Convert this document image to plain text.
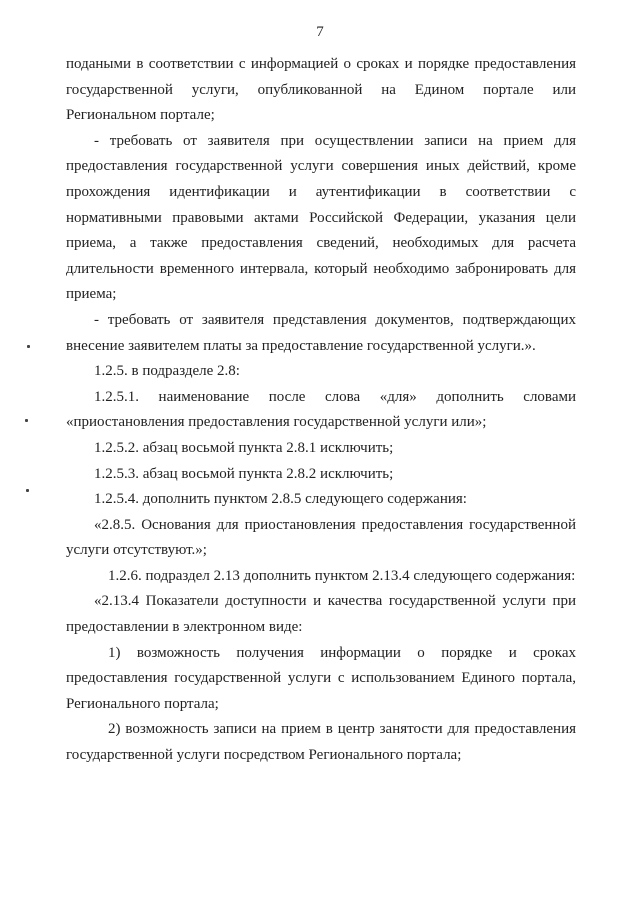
7

подаными в соответствии с информацией о сроках и порядке предоставления государственной услуги, опубликованной на Едином портале или Региональном портале;

- требовать от заявителя при осуществлении записи на прием для предоставления государственной услуги совершения иных действий, кроме прохождения идентификации и аутентификации в соответствии с нормативными правовыми актами Российской Федерации, указания цели приема, а также предоставления сведений, необходимых для расчета длительности временного интервала, который необходимо забронировать для приема;

- требовать от заявителя представления документов, подтверждающих внесение заявителем платы за предоставление государственной услуги.».

1.2.5. в подразделе 2.8:

1.2.5.1. наименование после слова «для» дополнить словами «приостановления предоставления государственной услуги или»;

1.2.5.2. абзац восьмой пункта 2.8.1 исключить;

1.2.5.3. абзац восьмой пункта 2.8.2 исключить;

1.2.5.4. дополнить пунктом 2.8.5 следующего содержания:

«2.8.5. Основания для приостановления предоставления государственной услуги отсутствуют.»;

1.2.6. подраздел 2.13 дополнить пунктом 2.13.4 следующего содержания:

«2.13.4 Показатели доступности и качества государственной услуги при предоставлении в электронном виде:

1) возможность получения информации о порядке и сроках предоставления государственной услуги с использованием Единого портала, Регионального портала;

2) возможность записи на прием в центр занятости для предоставления государственной услуги посредством Регионального портала;
